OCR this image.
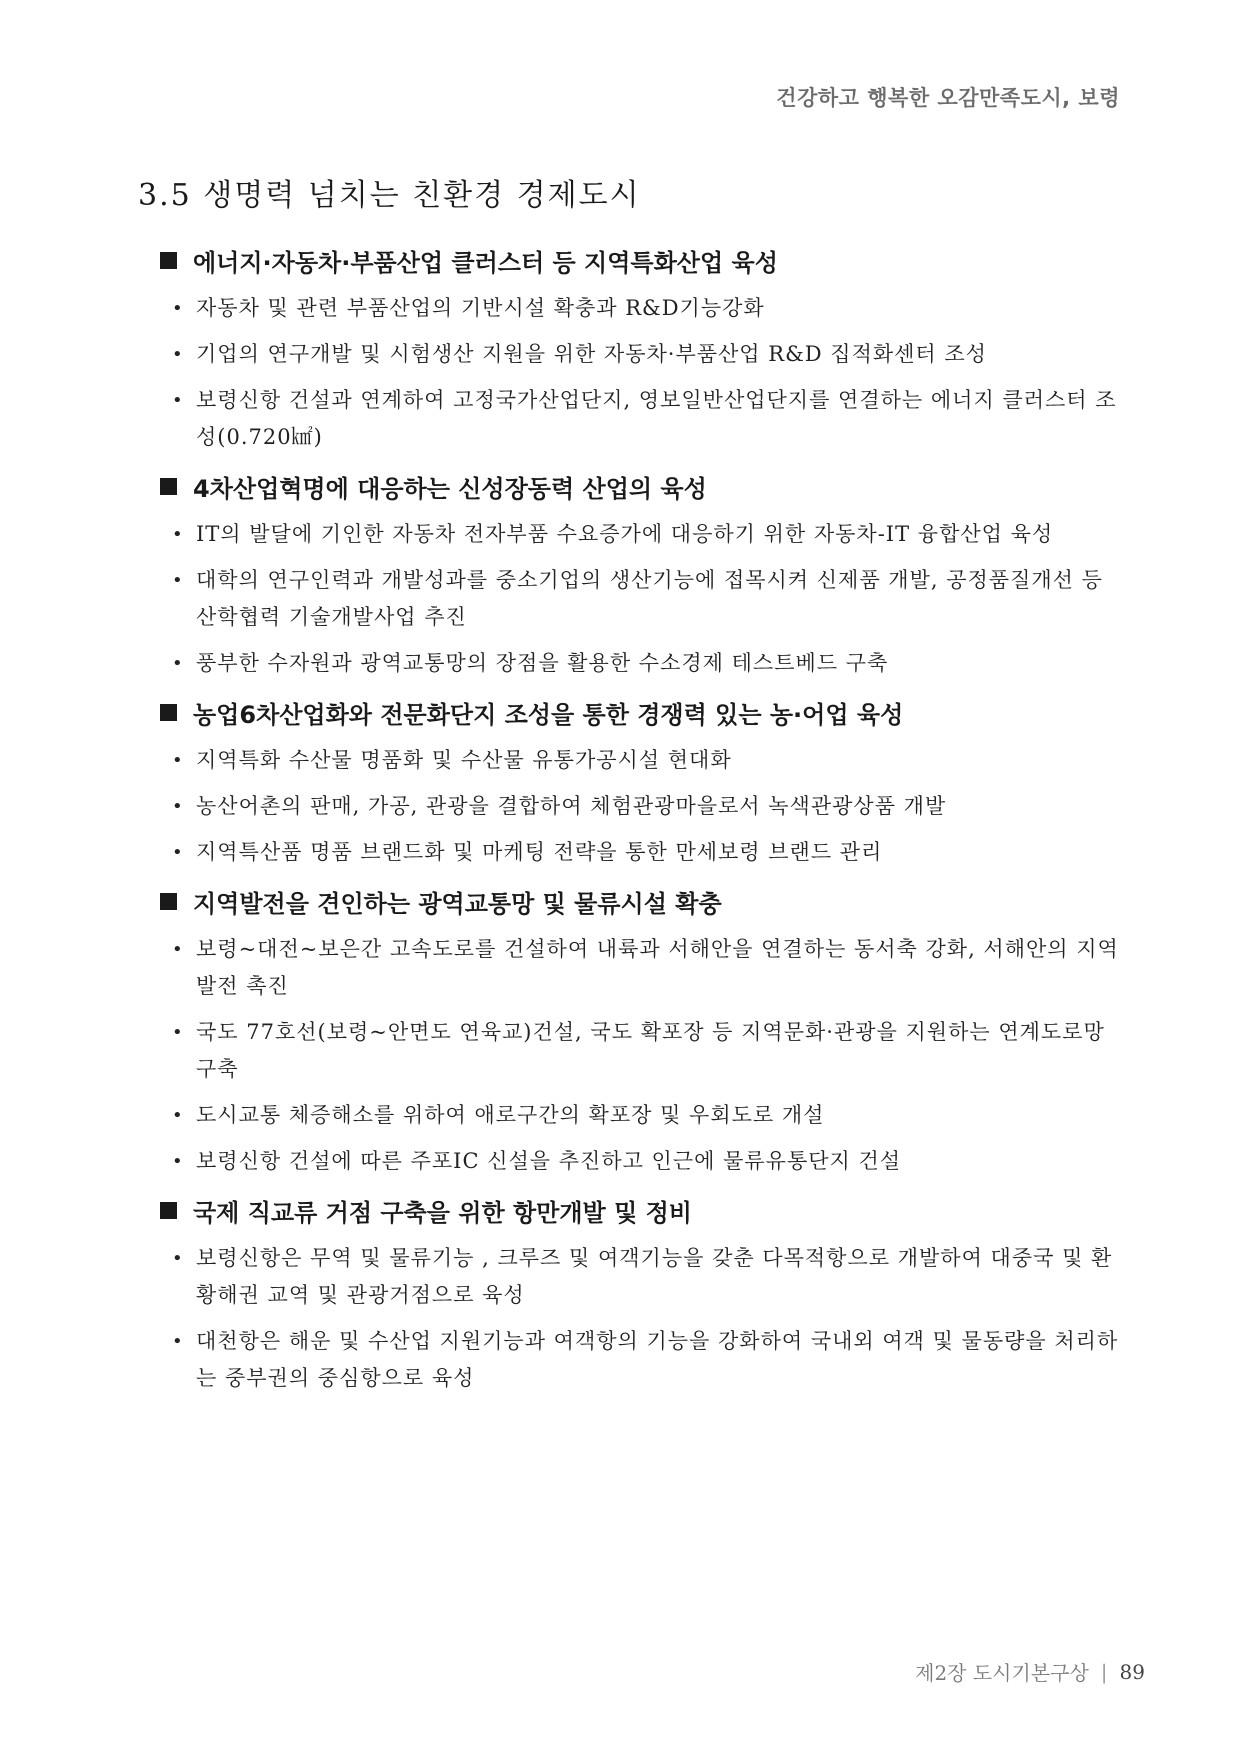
건강하고 행복한 오감만족도시, 보령
3.5 생명력 넘치는 친환경 경제도시
에너지·자동차·부품산업 클러스터 등 지역특화산업 육성
• 자동차 및 관련 부품산업의 기반시설 확충과 R&D기능강화
• 기업의 연구개발 및 시험생산 지원을 위한 자동차·부품산업 R&D 집적화센터 조성
• 보령신항 건설과 연계하여 고정국가산업단지, 영보일반산업단지를 연결하는 에너지 클러스터 조성(0.720㎢)
4차산업혁명에 대응하는 신성장동력 산업의 육성
• IT의 발달에 기인한 자동차 전자부품 수요증가에 대응하기 위한 자동차-IT 융합산업 육성
• 대학의 연구인력과 개발성과를 중소기업의 생산기능에 접목시켜 신제품 개발, 공정품질개선 등 산학협력 기술개발사업 추진
• 풍부한 수자원과 광역교통망의 장점을 활용한 수소경제 테스트베드 구축
농업6차산업화와 전문화단지 조성을 통한 경쟁력 있는 농·어업 육성
• 지역특화 수산물 명품화 및 수산물 유통가공시설 현대화
• 농산어촌의 판매, 가공, 관광을 결합하여 체험관광마을로서 녹색관광상품 개발
• 지역특산품 명품 브랜드화 및 마케팅 전략을 통한 만세보령 브랜드 관리
지역발전을 견인하는 광역교통망 및 물류시설 확충
• 보령~대전~보은간 고속도로를 건설하여 내륙과 서해안을 연결하는 동서축 강화, 서해안의 지역발전 촉진
• 국도 77호선(보령~안면도 연육교)건설, 국도 확포장 등 지역문화·관광을 지원하는 연계도로망 구축
• 도시교통 체증해소를 위하여 애로구간의 확포장 및 우회도로 개설
• 보령신항 건설에 따른 주포IC 신설을 추진하고 인근에 물류유통단지 건설
국제 직교류 거점 구축을 위한 항만개발 및 정비
• 보령신항은 무역 및 물류기능 , 크루즈 및 여객기능을 갖춘 다목적항으로 개발하여 대중국 및 환황해권 교역 및 관광거점으로 육성
• 대천항은 해운 및 수산업 지원기능과 여객항의 기능을 강화하여 국내외 여객 및 물동량을 처리하는 중부권의 중심항으로 육성
제2장 도시기본구상 | 89
